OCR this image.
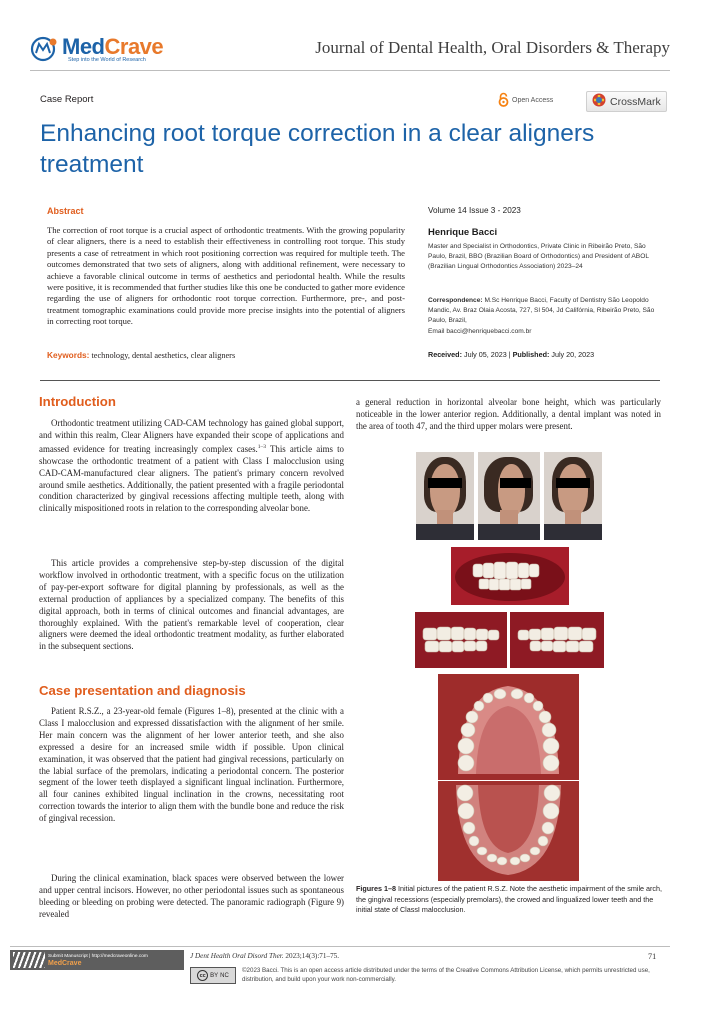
MedCrave
Step into the World of Research
Journal of Dental Health, Oral Disorders & Therapy
Case Report	Open Access	CrossMark
Enhancing root torque correction in a clear aligners treatment
Abstract
The correction of root torque is a crucial aspect of orthodontic treatments. With the growing popularity of clear aligners, there is a need to establish their effectiveness in controlling root torque. This study presents a case of retreatment in which root positioning correction was required for multiple teeth. The outcomes demonstrated that two sets of aligners, along with additional refinement, were necessary to achieve a favorable clinical outcome in terms of aesthetics and periodontal health. While the results were positive, it is recommended that further studies like this one be conducted to gather more evidence regarding the use of aligners for orthodontic root torque correction. Furthermore, pre-, and post-treatment tomographic examinations could provide more precise insights into the potential of aligners in correcting root torque.
Keywords: technology, dental aesthetics, clear aligners
Volume 14 Issue 3 - 2023
Henrique Bacci
Master and Specialist in Orthodontics, Private Clinic in Ribeirão Preto, São Paulo, Brazil, BBO (Brazilian Board of Orthodontics) and President of ABOL (Brazilian Lingual Orthodontics Association) 2023–24
Correspondence: M.Sc Henrique Bacci, Faculty of Dentistry São Leopoldo Mandic, Av. Braz Olaia Acosta, 727, Sl 504, Jd Califórnia, Ribeirão Preto, São Paulo, Brazil,
Email bacci@henriquebacci.com.br
Received: July 05, 2023 | Published: July 20, 2023
Introduction
Orthodontic treatment utilizing CAD-CAM technology has gained global support, and within this realm, Clear Aligners have expanded their scope of applications and amassed evidence for treating increasingly complex cases.$^{1-3}$ This article aims to showcase the orthodontic treatment of a patient with Class I malocclusion using CAD-CAM-manufactured clear aligners. The patient's primary concern revolved around smile aesthetics. Additionally, the patient presented with a fragile periodontal condition characterized by gingival recessions affecting multiple teeth, along with clinically mispositioned roots in relation to the corresponding alveolar bone.
This article provides a comprehensive step-by-step discussion of the digital workflow involved in orthodontic treatment, with a specific focus on the utilization of pay-per-export software for digital planning by professionals, as well as the external production of appliances by a specialized company. The benefits of this digital approach, both in terms of clinical outcomes and financial advantages, are thoroughly explained. With the patient's remarkable level of cooperation, clear aligners were deemed the ideal orthodontic treatment modality, as further elaborated in the subsequent sections.
Case presentation and diagnosis
Patient R.S.Z., a 23-year-old female (Figures 1–8), presented at the clinic with a Class I malocclusion and expressed dissatisfaction with the alignment of her smile. Her main concern was the alignment of her lower anterior teeth, and she also expressed a desire for an increased smile width if possible. Upon clinical examination, it was observed that the patient had gingival recessions, particularly on the labial surface of the premolars, indicating a periodontal concern. The posterior segment of the lower teeth displayed a significant lingual inclination. Furthermore, all four canines exhibited lingual inclination in the crowns, necessitating root correction towards the interior to align them with the bundle bone and reduce the risk of gingival recession.
During the clinical examination, black spaces were observed between the lower and upper central incisors. However, no other periodontal issues such as spontaneous bleeding or bleeding on probing were detected. The panoramic radiograph (Figure 9) revealed
a general reduction in horizontal alveolar bone height, which was particularly noticeable in the lower anterior region. Additionally, a dental implant was noted in the area of tooth 47, and the third upper molars were present.
Figures 1–8 Initial pictures of the patient R.S.Z. Note the aesthetic impairment of the smile arch, the gingival recessions (especially premolars), the crowed and lingualized lower teeth and the initial state of ClassI malocclusion.
Submit Manuscript | http://medcraveonline.com
MedCrave
J Dent Health Oral Disord Ther. 2023;14(3):71‒75.	71
cc BY NC
©2023 Bacci. This is an open access article distributed under the terms of the Creative Commons Attribution License, which permits unrestricted use, distribution, and build upon your work non-commercially.
